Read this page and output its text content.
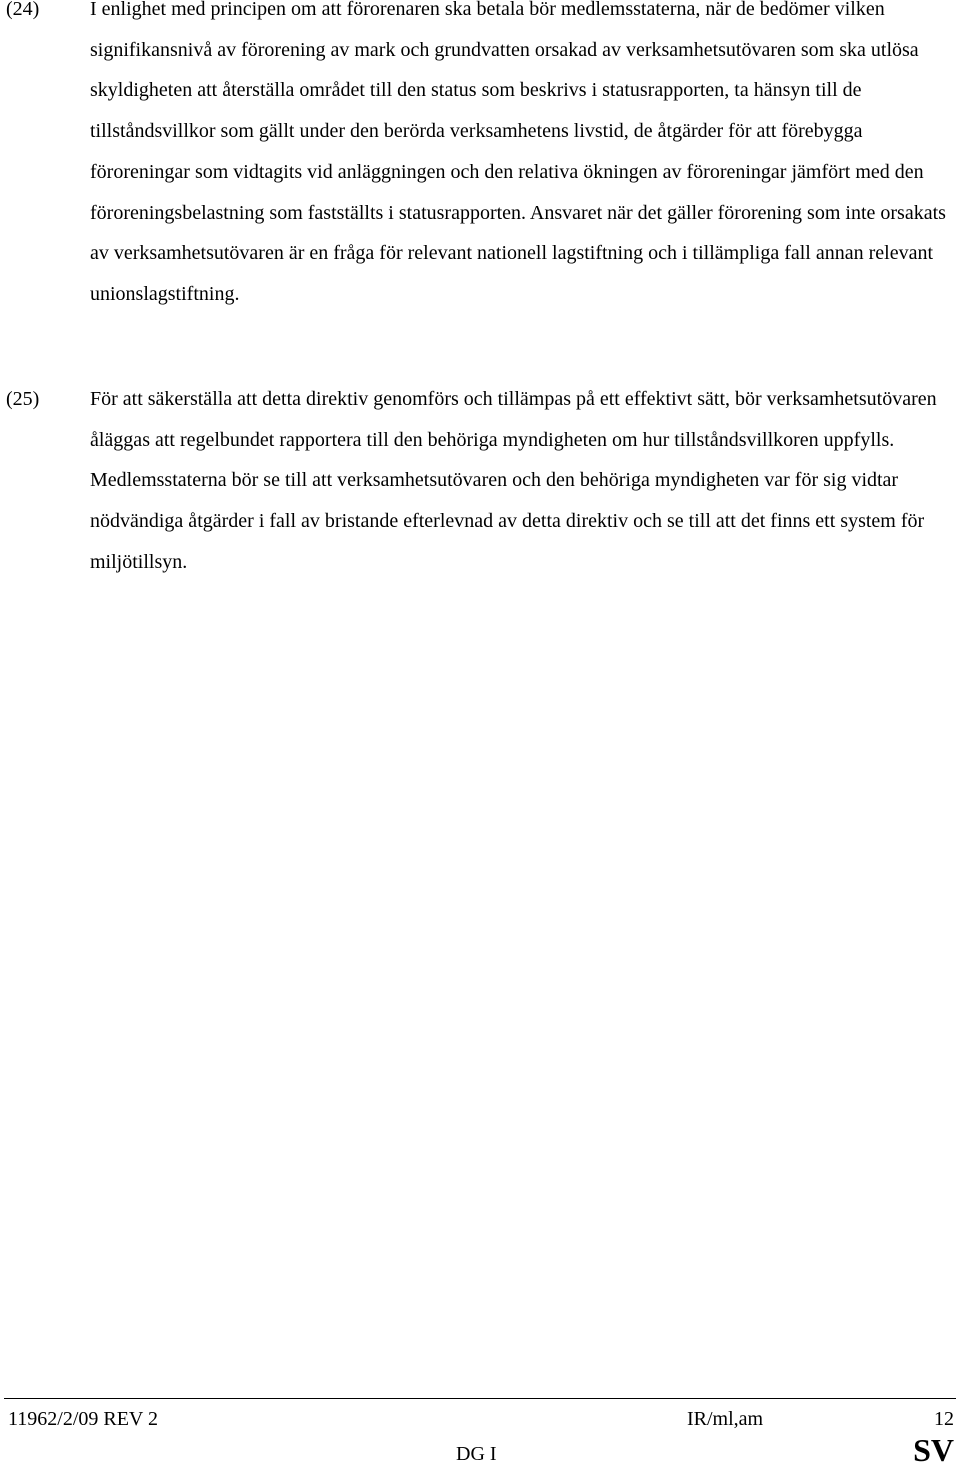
(24)	I enlighet med principen om att förorenaren ska betala bör medlemsstaterna, när de bedömer vilken signifikansnivå av förorening av mark och grundvatten orsakad av verksamhetsutövaren som ska utlösa skyldigheten att återställa området till den status som beskrivs i statusrapporten, ta hänsyn till de tillståndsvillkor som gällt under den berörda verksamhetens livstid, de åtgärder för att förebygga föroreningar som vidtagits vid anläggningen och den relativa ökningen av föroreningar jämfört med den föroreningsbelastning som fastställts i statusrapporten. Ansvaret när det gäller förorening som inte orsakats av verksamhetsutövaren är en fråga för relevant nationell lagstiftning och i tillämpliga fall annan relevant unionslagstiftning.

(25)	För att säkerställa att detta direktiv genomförs och tillämpas på ett effektivt sätt, bör verksamhetsutövaren åläggas att regelbundet rapportera till den behöriga myndigheten om hur tillståndsvillkoren uppfylls. Medlemsstaterna bör se till att verksamhetsutövaren och den behöriga myndigheten var för sig vidtar nödvändiga åtgärder i fall av bristande efterlevnad av detta direktiv och se till att det finns ett system för miljötillsyn.

11962/2/09 REV 2	IR/ml,am	12
DG I	SV
